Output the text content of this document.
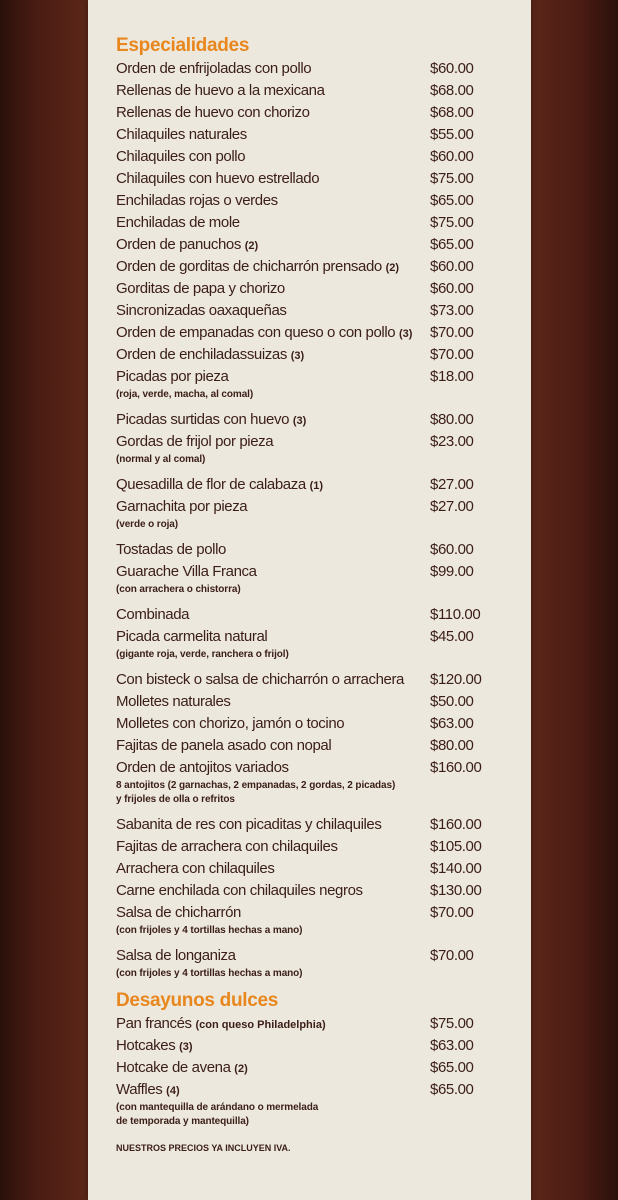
Especialidades
Orden de enfrijoladas con pollo	$60.00
Rellenas de huevo a la mexicana	$68.00
Rellenas de huevo con chorizo	$68.00
Chilaquiles naturales	$55.00
Chilaquiles con pollo	$60.00
Chilaquiles con huevo estrellado	$75.00
Enchiladas rojas o verdes	$65.00
Enchiladas de mole	$75.00
Orden de panuchos (2)	$65.00
Orden de gorditas de chicharrón prensado (2) $60.00
Gorditas de papa y chorizo	$60.00
Sincronizadas oaxaqueñas	$73.00
Orden de empanadas con queso o con pollo (3) $70.00
Orden de enchiladassuizas (3)	$70.00
Picadas por pieza	$18.00
(roja, verde, macha, al comal)
Picadas surtidas con huevo (3)	$80.00
Gordas de frijol por pieza	$23.00
(normal y al comal)
Quesadilla de flor de calabaza (1)	$27.00
Garnachita por pieza	$27.00
(verde o roja)
Tostadas de pollo	$60.00
Guarache Villa Franca	$99.00
(con arrachera o chistorra)
Combinada	$110.00
Picada carmelita natural	$45.00
(gigante roja, verde, ranchera o frijol)
Con bisteck o salsa de chicharrón o arrachera $120.00
Molletes naturales	$50.00
Molletes con chorizo, jamón o tocino	$63.00
Fajitas de panela asado con nopal	$80.00
Orden de antojitos variados	$160.00
8 antojitos (2 garnachas, 2 empanadas, 2 gordas, 2 picadas)
y frijoles de olla o refritos
Sabanita de res con picaditas y chilaquiles	$160.00
Fajitas de arrachera con chilaquiles	$105.00
Arrachera con chilaquiles	$140.00
Carne enchilada con chilaquiles negros	$130.00
Salsa de chicharrón	$70.00
(con frijoles y 4 tortillas hechas a mano)
Salsa de longaniza	$70.00
(con frijoles y 4 tortillas hechas a mano)
Desayunos dulces
Pan francés (con queso Philadelphia)	$75.00
Hotcakes (3)	$63.00
Hotcake de avena (2)	$65.00
Waffles (4)	$65.00
(con mantequilla de arándano o mermelada
de temporada y mantequilla)
NUESTROS PRECIOS YA INCLUYEN IVA.
